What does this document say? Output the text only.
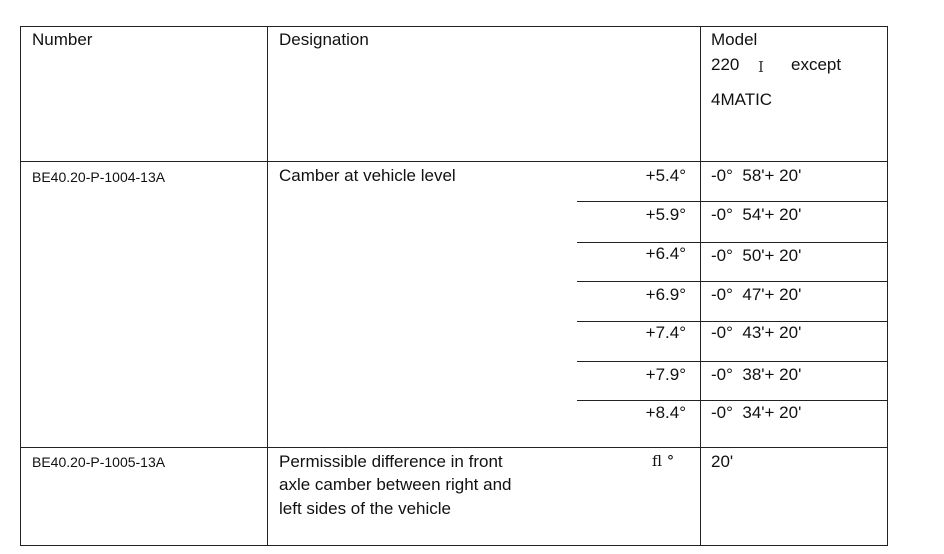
Number	Designation	Model
220 Ι except
4MATIC
BE40.20-P-1004-13A	Camber at vehicle level	+5.4° -0°  58'+ 20'
+5.9° -0°  54'+ 20'
+6.4° -0°  50'+ 20'
+6.9° -0°  47'+ 20'
+7.4° -0°  43'+ 20'
+7.9° -0°  38'+ 20'
+8.4° -0°  34'+ 20'
BE40.20-P-1005-13A	Permissible difference in front
axle camber between right and
left sides of the vehicle
fl ° 20'
